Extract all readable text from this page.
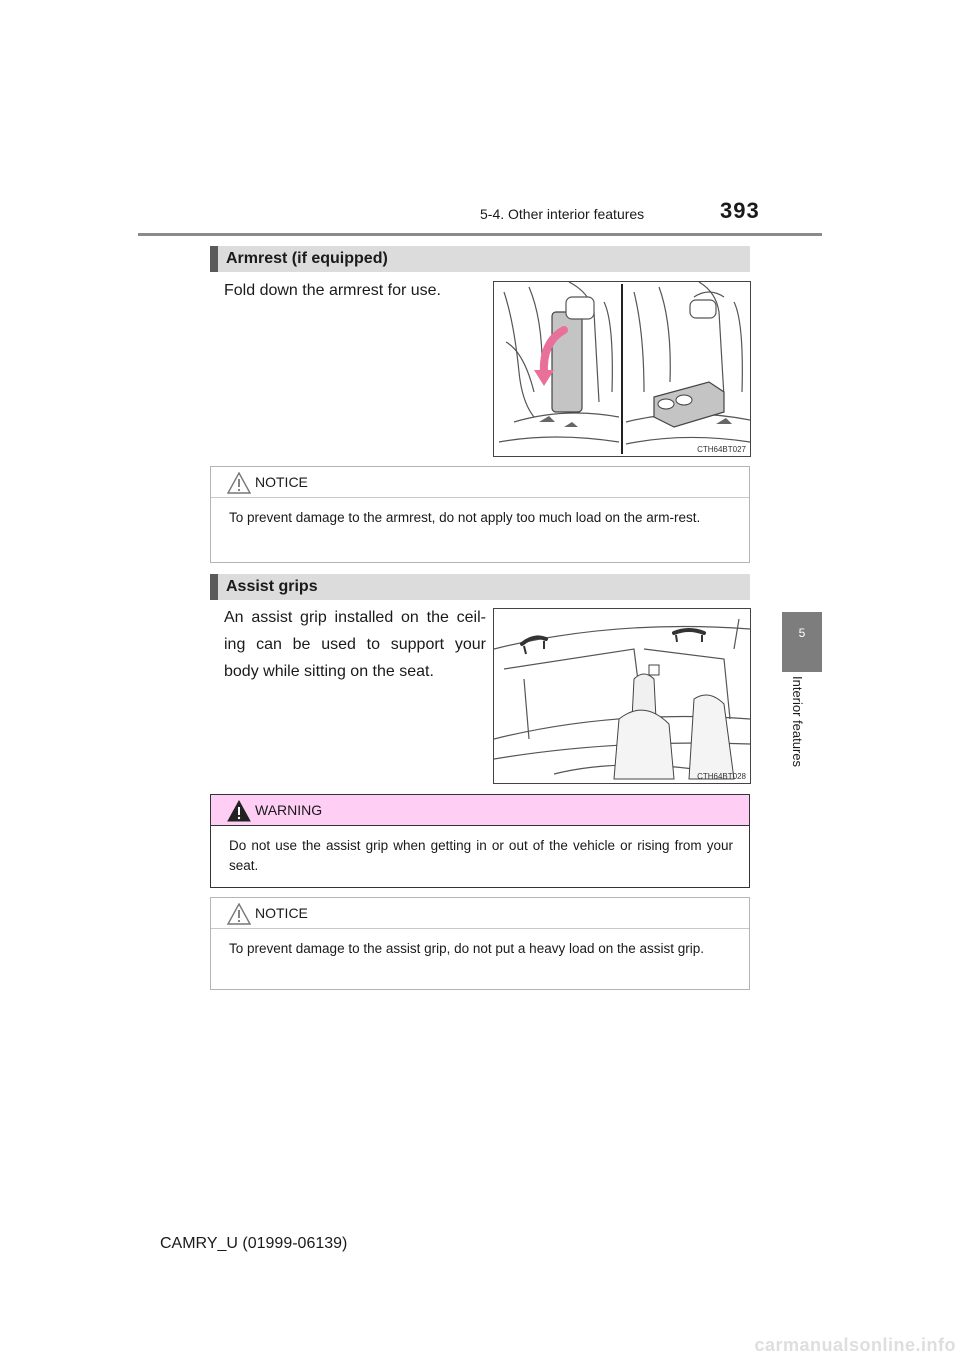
5-4. Other interior features	393
5
Interior features
Armrest (if equipped)
Fold down the armrest for use.
CTH64BT027
NOTICE
To prevent damage to the armrest, do not apply too much load on the arm-rest.
Assist grips
An assist grip installed on the ceil-
ing can be used to support your
body while sitting on the seat.
CTH64BT028
WARNING
Do not use the assist grip when getting in or out of the vehicle or rising from your seat.
NOTICE
To prevent damage to the assist grip, do not put a heavy load on the assist grip.
CAMRY_U (01999-06139)
carmanualsonline.info
